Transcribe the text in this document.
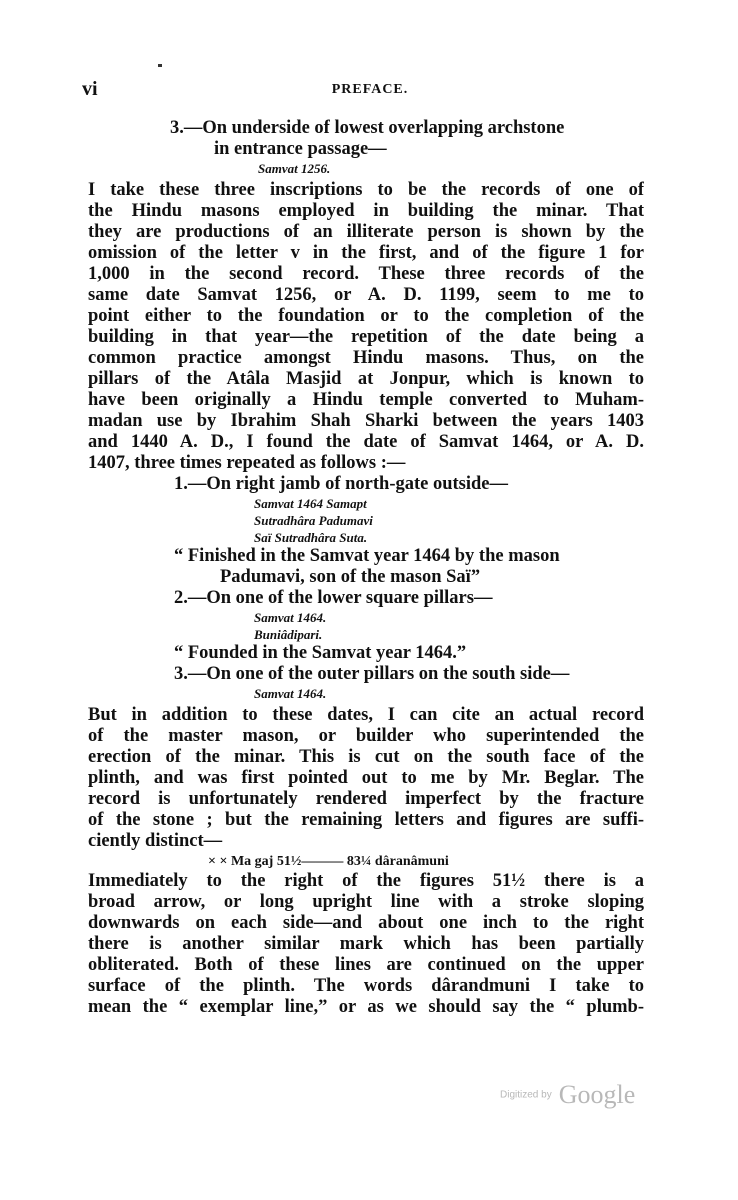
vi	PREFACE.
3.—On underside of lowest overlapping archstone
in entrance passage—
Samvat 1256.
I take these three inscriptions to be the records of one of
the Hindu masons employed in building the minar. That
they are productions of an illiterate person is shown by the
omission of the letter v in the first, and of the figure 1 for
1,000 in the second record. These three records of the
same date Samvat 1256, or A. D. 1199, seem to me to
point either to the foundation or to the completion of the
building in that year—the repetition of the date being a
common practice amongst Hindu masons. Thus, on the
pillars of the Atâla Masjid at Jonpur, which is known to
have been originally a Hindu temple converted to Muham-
madan use by Ibrahim Shah Sharki between the years 1403
and 1440 A. D., I found the date of Samvat 1464, or A. D.
1407, three times repeated as follows :—
1.—On right jamb of north-gate outside—
Samvat 1464 Samapt
Sutradhâra Padumavi
Saï Sutradhâra Suta.
“ Finished in the Samvat year 1464 by the mason
Padumavi, son of the mason Saï”
2.—On one of the lower square pillars—
Samvat 1464.
Buniâdipari.
“ Founded in the Samvat year 1464.”
3.—On one of the outer pillars on the south side—
Samvat 1464.
But in addition to these dates, I can cite an actual record
of the master mason, or builder who superintended the
erection of the minar. This is cut on the south face of the
plinth, and was first pointed out to me by Mr. Beglar. The
record is unfortunately rendered imperfect by the fracture
of the stone ; but the remaining letters and figures are suffi-
ciently distinct—
× × Ma gaj 51½——— 83¼ dâranâmuni
Immediately to the right of the figures 51½ there is a
broad arrow, or long upright line with a stroke sloping
downwards on each side—and about one inch to the right
there is another similar mark which has been partially
obliterated. Both of these lines are continued on the upper
surface of the plinth. The words dârandmuni I take to
mean the “ exemplar line,” or as we should say the “ plumb-
Digitized by Google
